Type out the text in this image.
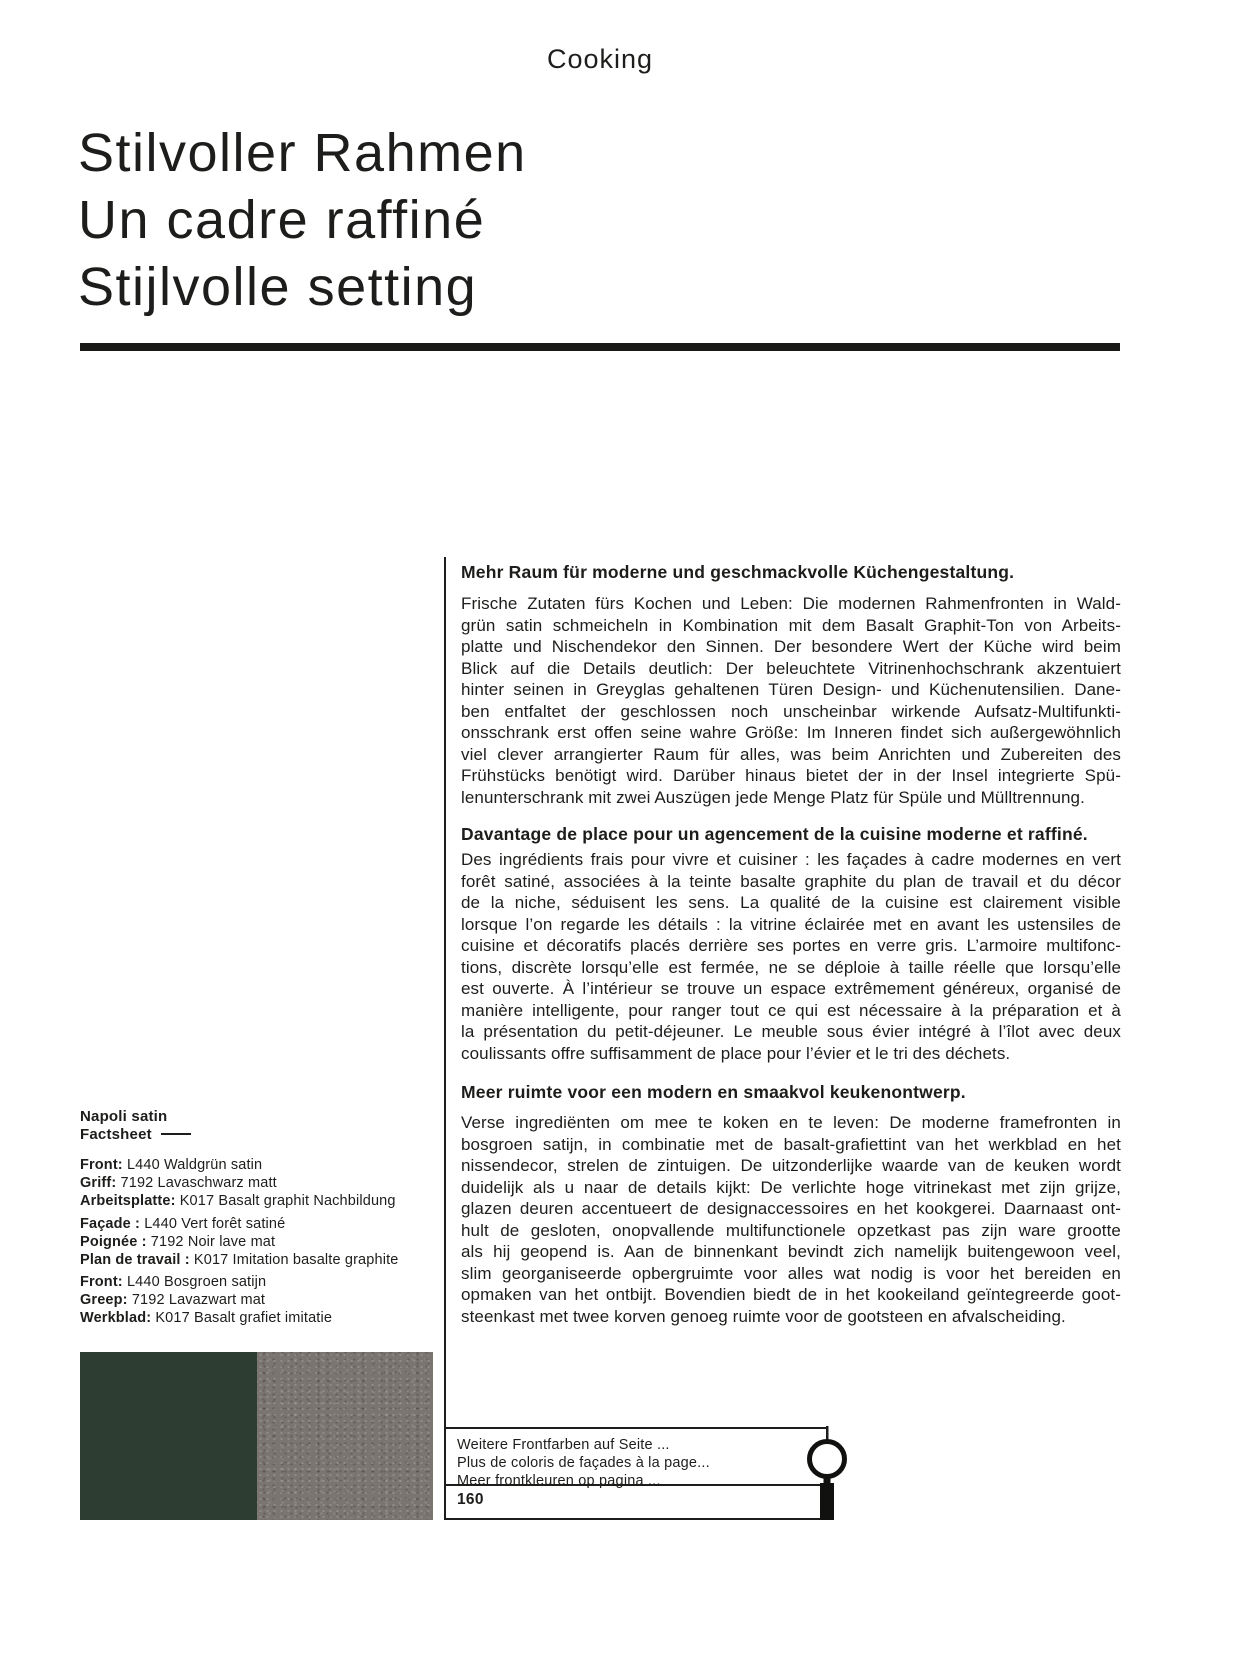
Cooking
Stilvoller Rahmen
Un cadre raffiné
Stijlvolle setting
Mehr Raum für moderne und geschmackvolle Küchengestaltung.
Frische Zutaten fürs Kochen und Leben: Die modernen Rahmenfronten in Wald-
grün satin schmeicheln in Kombination mit dem Basalt Graphit-Ton von Arbeits-
platte und Nischendekor den Sinnen. Der besondere Wert der Küche wird beim
Blick auf die Details deutlich: Der beleuchtete Vitrinenhochschrank akzentuiert
hinter seinen in Greyglas gehaltenen Türen Design- und Küchenutensilien. Dane-
ben entfaltet der geschlossen noch unscheinbar wirkende Aufsatz-Multifunkti-
onsschrank erst offen seine wahre Größe: Im Inneren findet sich außergewöhnlich
viel clever arrangierter Raum für alles, was beim Anrichten und Zubereiten des
Frühstücks benötigt wird. Darüber hinaus bietet der in der Insel integrierte Spü-
lenunterschrank mit zwei Auszügen jede Menge Platz für Spüle und Mülltrennung.
Davantage de place pour un agencement de la cuisine moderne et raffiné.
Des ingrédients frais pour vivre et cuisiner : les façades à cadre modernes en vert
forêt satiné, associées à la teinte basalte graphite du plan de travail et du décor
de la niche, séduisent les sens. La qualité de la cuisine est clairement visible
lorsque l’on regarde les détails : la vitrine éclairée met en avant les ustensiles de
cuisine et décoratifs placés derrière ses portes en verre gris. L’armoire multifonc-
tions, discrète lorsqu’elle est fermée, ne se déploie à taille réelle que lorsqu’elle
est ouverte. À l’intérieur se trouve un espace extrêmement généreux, organisé de
manière intelligente, pour ranger tout ce qui est nécessaire à la préparation et à
la présentation du petit-déjeuner. Le meuble sous évier intégré à l’îlot avec deux
coulissants offre suffisamment de place pour l’évier et le tri des déchets.
Meer ruimte voor een modern en smaakvol keukenontwerp.
Verse ingrediënten om mee te koken en te leven: De moderne framefronten in
bosgroen satijn, in combinatie met de basalt-grafiettint van het werkblad en het
nissendecor, strelen de zintuigen. De uitzonderlijke waarde van de keuken wordt
duidelijk als u naar de details kijkt: De verlichte hoge vitrinekast met zijn grijze,
glazen deuren accentueert de designaccessoires en het kookgerei. Daarnaast ont-
hult de gesloten, onopvallende multifunctionele opzetkast pas zijn ware grootte
als hij geopend is. Aan de binnenkant bevindt zich namelijk buitengewoon veel,
slim georganiseerde opbergruimte voor alles wat nodig is voor het bereiden en
opmaken van het ontbijt. Bovendien biedt de in het kookeiland geïntegreerde goot-
steenkast met twee korven genoeg ruimte voor de gootsteen en afvalscheiding.
Napoli satin
Factsheet
Front: L440 Waldgrün satin
Griff: 7192 Lavaschwarz matt
Arbeitsplatte: K017 Basalt graphit Nachbildung
Façade : L440 Vert forêt satiné
Poignée : 7192 Noir lave mat
Plan de travail : K017 Imitation basalte graphite
Front: L440 Bosgroen satijn
Greep: 7192 Lavazwart mat
Werkblad: K017 Basalt grafiet imitatie

Weitere Frontfarben auf Seite ...
Plus de coloris de façades à la page...
Meer frontkleuren op pagina ...
160
